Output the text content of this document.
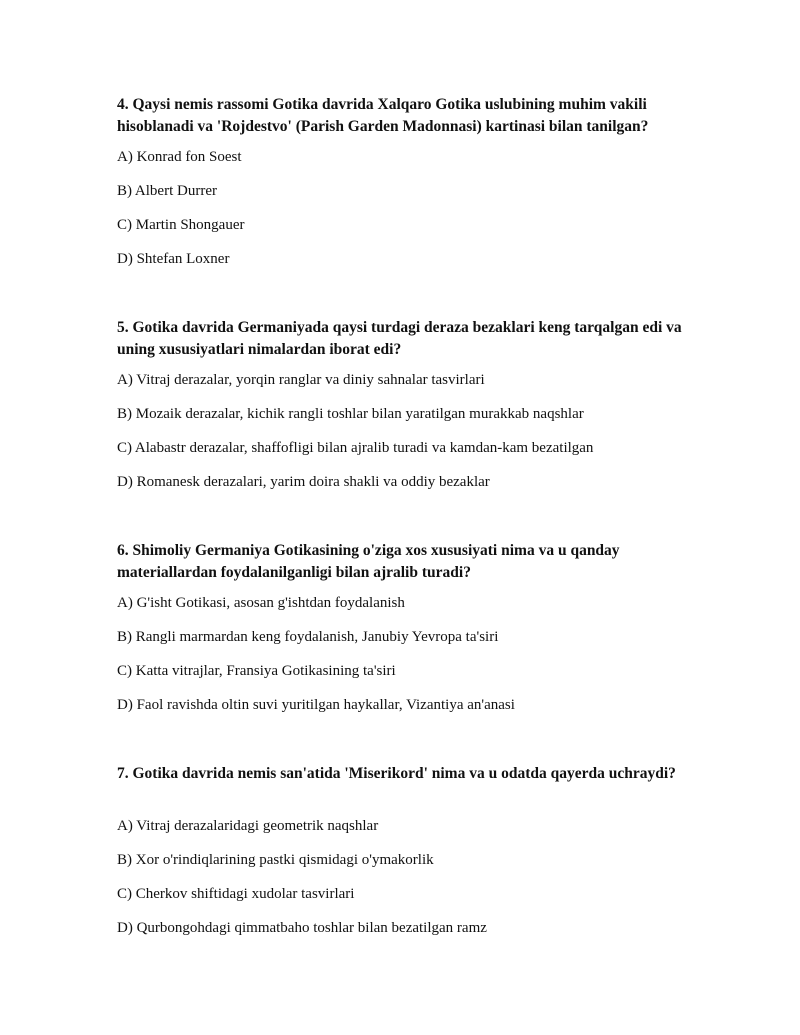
4. Qaysi nemis rassomi Gotika davrida Xalqaro Gotika uslubining muhim vakili hisoblanadi va 'Rojdestvo' (Parish Garden Madonnasi) kartinasi bilan tanilgan?

A) Konrad fon Soest

B) Albert Durrer

C) Martin Shongauer

D) Shtefan Loxner

5. Gotika davrida Germaniyada qaysi turdagi deraza bezaklari keng tarqalgan edi va uning xususiyatlari nimalardan iborat edi?

A) Vitraj derazalar, yorqin ranglar va diniy sahnalar tasvirlari

B) Mozaik derazalar, kichik rangli toshlar bilan yaratilgan murakkab naqshlar

C) Alabastr derazalar, shaffofligi bilan ajralib turadi va kamdan-kam bezatilgan

D) Romanesk derazalari, yarim doira shakli va oddiy bezaklar

6. Shimoliy Germaniya Gotikasining o'ziga xos xususiyati nima va u qanday materiallardan foydalanilganligi bilan ajralib turadi?

A) G'isht Gotikasi, asosan g'ishtdan foydalanish

B) Rangli marmardan keng foydalanish, Janubiy Yevropa ta'siri

C) Katta vitrajlar, Fransiya Gotikasining ta'siri

D) Faol ravishda oltin suvi yuritilgan haykallar, Vizantiya an'anasi

7. Gotika davrida nemis san'atida 'Miserikord' nima va u odatda qayerda uchraydi?

A) Vitraj derazalaridagi geometrik naqshlar

B) Xor o'rindiqlarining pastki qismidagi o'ymakorlik

C) Cherkov shiftidagi xudolar tasvirlari

D) Qurbongohdagi qimmatbaho toshlar bilan bezatilgan ramz
